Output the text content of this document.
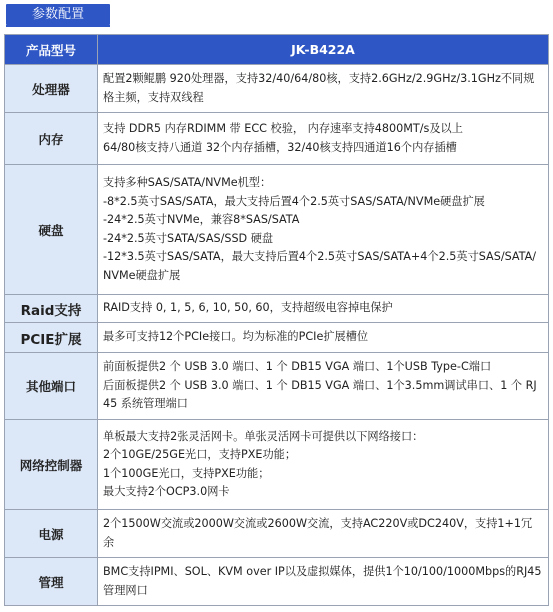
参数配置
产品型号	JK-B422A
处理器	配置2颗鲲鹏 920处理器，支持32/40/64/80核，支持2.6GHz/2.9GHz/3.1GHz不同规格主频，支持双线程

内存	支持 DDR5 内存RDIMM 带 ECC 校验， 内存速率支持4800MT/s及以上
64/80核支持八通道 32个内存插槽，32/40核支持四通道16个内存插槽

硬盘	支持多种SAS/SATA/NVMe机型：
-8*2.5英寸SAS/SATA，最大支持后置4个2.5英寸SAS/SATA/NVMe硬盘扩展
-24*2.5英寸NVMe，兼容8*SAS/SATA
-24*2.5英寸SATA/SAS/SSD 硬盘
-12*3.5英寸SAS/SATA，最大支持后置4个2.5英寸SAS/SATA+4个2.5英寸SAS/SATA/NVMe硬盘扩展

Raid支持	RAID支持 0, 1, 5, 6, 10, 50, 60，支持超级电容掉电保护

PCIE扩展	最多可支持12个PCIe接口。均为标准的PCIe扩展槽位

其他端口	前面板提供2 个 USB 3.0 端口、1 个 DB15 VGA 端口、1个USB Type-C端口
后面板提供2 个 USB 3.0 端口、1 个 DB15 VGA 端口、1个3.5mm调试串口、1 个 RJ45 系统管理端口

网络控制器	单板最大支持2张灵活网卡。单张灵活网卡可提供以下网络接口：
2个10GE/25GE光口，支持PXE功能；
1个100GE光口，支持PXE功能；
最大支持2个OCP3.0网卡

电源	2个1500W交流或2000W交流或2600W交流，支持AC220V或DC240V，支持1+1冗余

管理	BMC支持IPMI、SOL、KVM over IP以及虚拟媒体，提供1个10/100/1000Mbps的RJ45管理网口
